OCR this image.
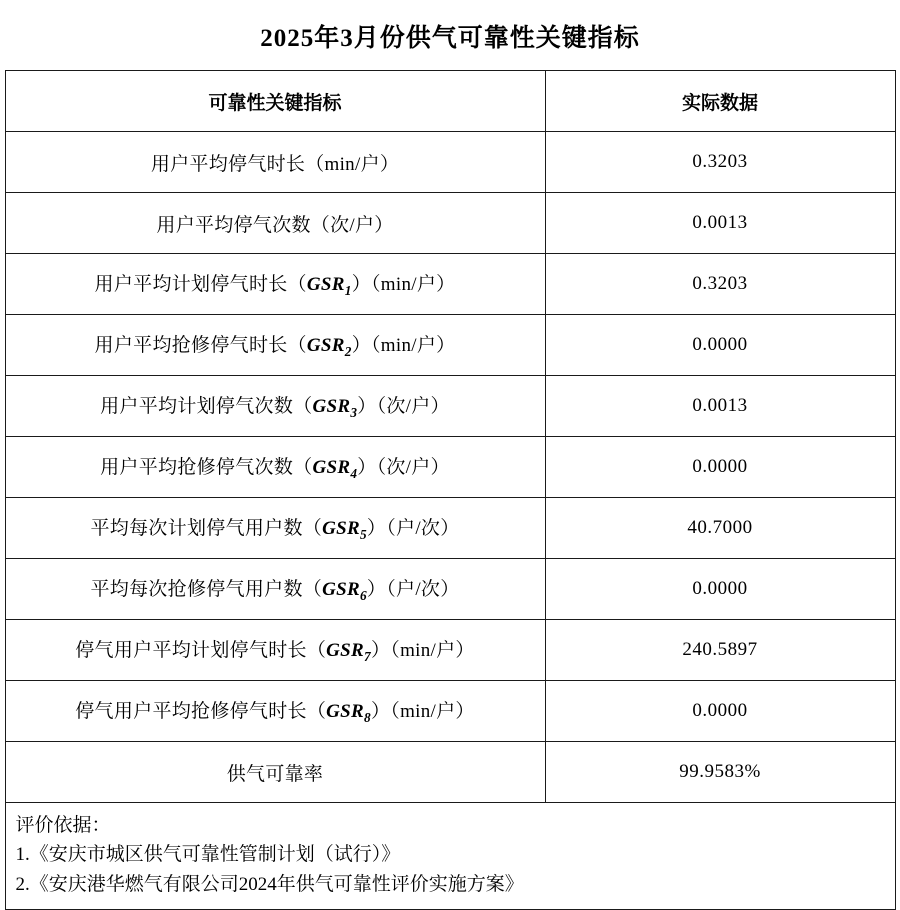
2025年3月份供气可靠性关键指标
可靠性关键指标	实际数据
用户平均停气时长（min/户）	0.3203
用户平均停气次数（次/户）	0.0013
用户平均计划停气时长$(GSR_1)(\min/$户）	0.3203
用户平均抢修停气时长$(GSR_2)(\min/$户）	0.0000
用户平均计划停气次数$(GSR_3)$（次/户）	0.0013
用户平均抢修停气次数$(GSR_4)$（次/户）	0.0000
平均每次计划停气用户数$(GSR_5)$（户/次）	40.7000
平均每次抢修停气用户数$(GSR_6)$（户/次）	0.0000
停气用户平均计划停气时长$(GSR_7)(\min/$户）	240.5897
停气用户平均抢修停气时长$(GSR_8)(\min/$户）	0.0000
供气可靠率	99.9583%

评价依据：
1.《安庆市城区供气可靠性管制计划（试行）》
2.《安庆港华燃气有限公司2024年供气可靠性评价实施方案》	
